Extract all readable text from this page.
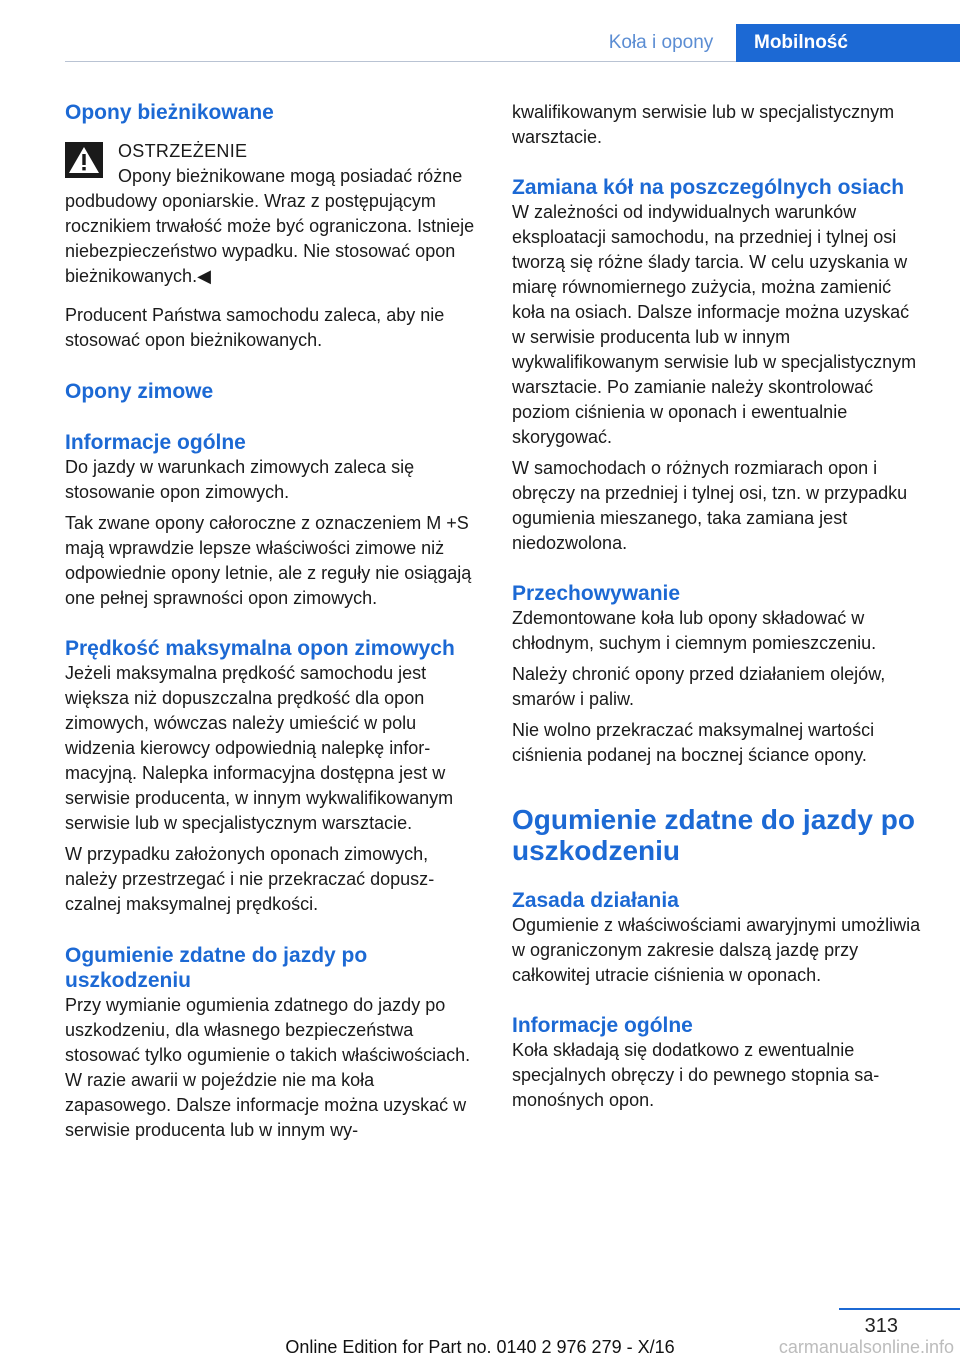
Koła i opony	Mobilność
Opony bieżnikowane
OSTRZEŻENIE

Opony bieżnikowane mogą posiadać różne podbudowy oponiarskie. Wraz z postępującym rocznikiem trwałość może być ograniczona. Istnieje niebezpieczeństwo wypadku. Nie stosować opon bieżnikowanych.◀

Producent Państwa samochodu zaleca, aby nie stosować opon bieżnikowanych.

Opony zimowe
Informacje ogólne

Do jazdy w warunkach zimowych zaleca się stosowanie opon zimowych.

Tak zwane opony całoroczne z oznaczeniem M +S mają wprawdzie lepsze właściwości zimowe niż odpowiednie opony letnie, ale z reguły nie osiągają one pełnej sprawności opon zimowych.

Prędkość maksymalna opon zimowych

Jeżeli maksymalna prędkość samochodu jest większa niż dopuszczalna prędkość dla opon zimowych, wówczas należy umieścić w polu widzenia kierowcy odpowiednią nalepkę informacyjną. Nalepka informacyjna dostępna jest w serwisie producenta, w innym wykwalifikowanym serwisie lub w specjalistycznym warsztacie.

W przypadku założonych oponach zimowych, należy przestrzegać i nie przekraczać dopuszczalnej maksymalnej prędkości.

Ogumienie zdatne do jazdy po uszkodzeniu

Przy wymianie ogumienia zdatnego do jazdy po uszkodzeniu, dla własnego bezpieczeństwa stosować tylko ogumienie o takich właściwościach. W razie awarii w pojeździe nie ma koła zapasowego. Dalsze informacje można uzyskać w serwisie producenta lub w innym wy-

kwalifikowanym serwisie lub w specjalistycznym warsztacie.

Zamiana kół na poszczególnych osiach

W zależności od indywidualnych warunków eksploatacji samochodu, na przedniej i tylnej osi tworzą się różne ślady tarcia. W celu uzyskania w miarę równomiernego zużycia, można zamienić koła na osiach. Dalsze informacje można uzyskać w serwisie producenta lub w innym wykwalifikowanym serwisie lub w specjalistycznym warsztacie. Po zamianie należy skontrolować poziom ciśnienia w oponach i ewentualnie skorygować.

W samochodach o różnych rozmiarach opon i obręczy na przedniej i tylnej osi, tzn. w przypadku ogumienia mieszanego, taka zamiana jest niedozwolona.

Przechowywanie

Zdemontowane koła lub opony składować w chłodnym, suchym i ciemnym pomieszczeniu.

Należy chronić opony przed działaniem olejów, smarów i paliw.

Nie wolno przekraczać maksymalnej wartości ciśnienia podanej na bocznej ściance opony.

Ogumienie zdatne do jazdy po uszkodzeniu
Zasada działania

Ogumienie z właściwościami awaryjnymi umożliwia w ograniczonym zakresie dalszą jazdę przy całkowitej utracie ciśnienia w oponach.

Informacje ogólne

Koła składają się dodatkowo z ewentualnie specjalnych obręczy i do pewnego stopnia samonośnych opon.

313
Online Edition for Part no. 0140 2 976 279 - X/16	carmanualsonline.info
